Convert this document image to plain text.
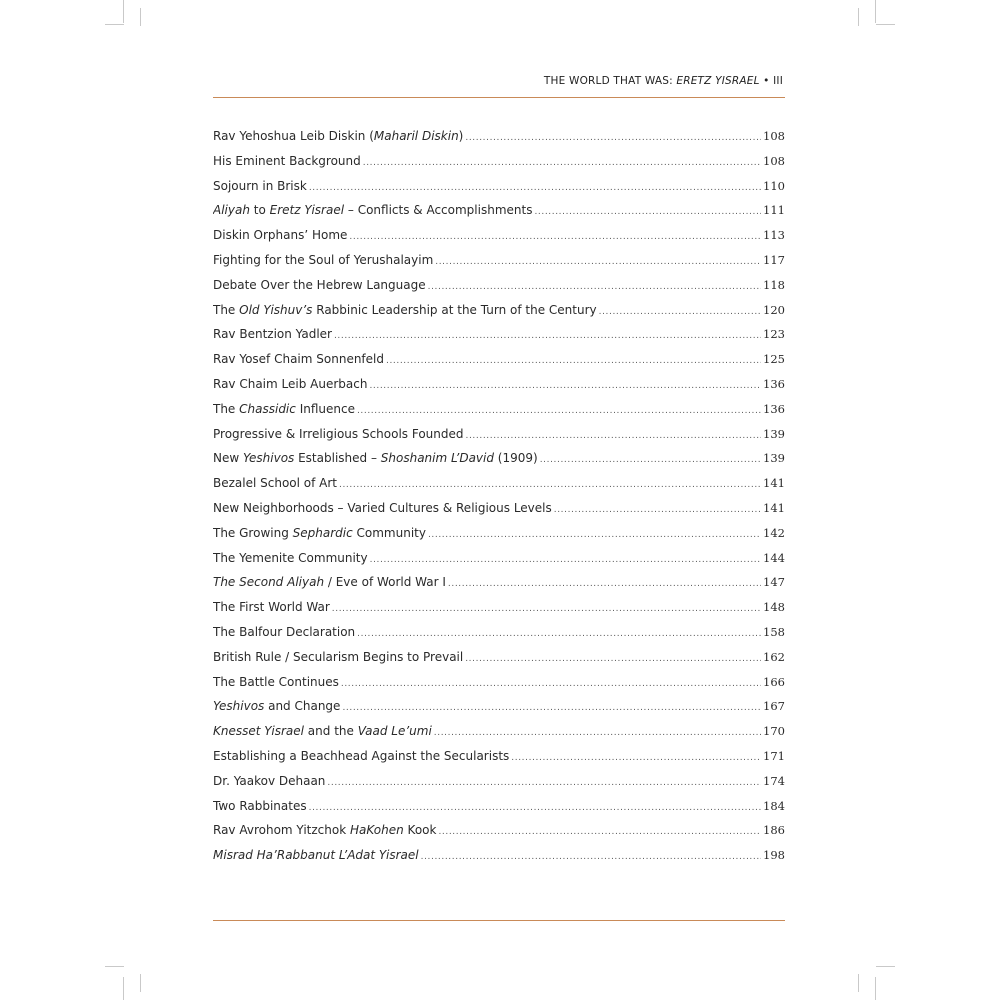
THE WORLD THAT WAS: ERETZ YISRAEL • III
Rav Yehoshua Leib Diskin (Maharil Diskin) .....	108
His Eminent Background .....	108
Sojourn in Brisk .....	110
Aliyah to Eretz Yisrael – Conflicts & Accomplishments .....	111
Diskin Orphans’ Home .....	113
Fighting for the Soul of Yerushalayim .....	117
Debate Over the Hebrew Language .....	118
The Old Yishuv’s Rabbinic Leadership at the Turn of the Century .....	120
Rav Bentzion Yadler .....	123
Rav Yosef Chaim Sonnenfeld .....	125
Rav Chaim Leib Auerbach .....	136
The Chassidic Influence .....	136
Progressive & Irreligious Schools Founded .....	139
New Yeshivos Established – Shoshanim L’David (1909) .....	139
Bezalel School of Art .....	141
New Neighborhoods – Varied Cultures & Religious Levels .....	141
The Growing Sephardic Community .....	142
The Yemenite Community .....	144
The Second Aliyah / Eve of World War I .....	147
The First World War .....	148
The Balfour Declaration .....	158
British Rule / Secularism Begins to Prevail .....	162
The Battle Continues .....	166
Yeshivos and Change .....	167
Knesset Yisrael and the Vaad Le’umi .....	170
Establishing a Beachhead Against the Secularists .....	171
Dr. Yaakov Dehaan .....	174
Two Rabbinates .....	184
Rav Avrohom Yitzchok HaKohen Kook .....	186
Misrad Ha’Rabbanut L’Adat Yisrael .....	198
